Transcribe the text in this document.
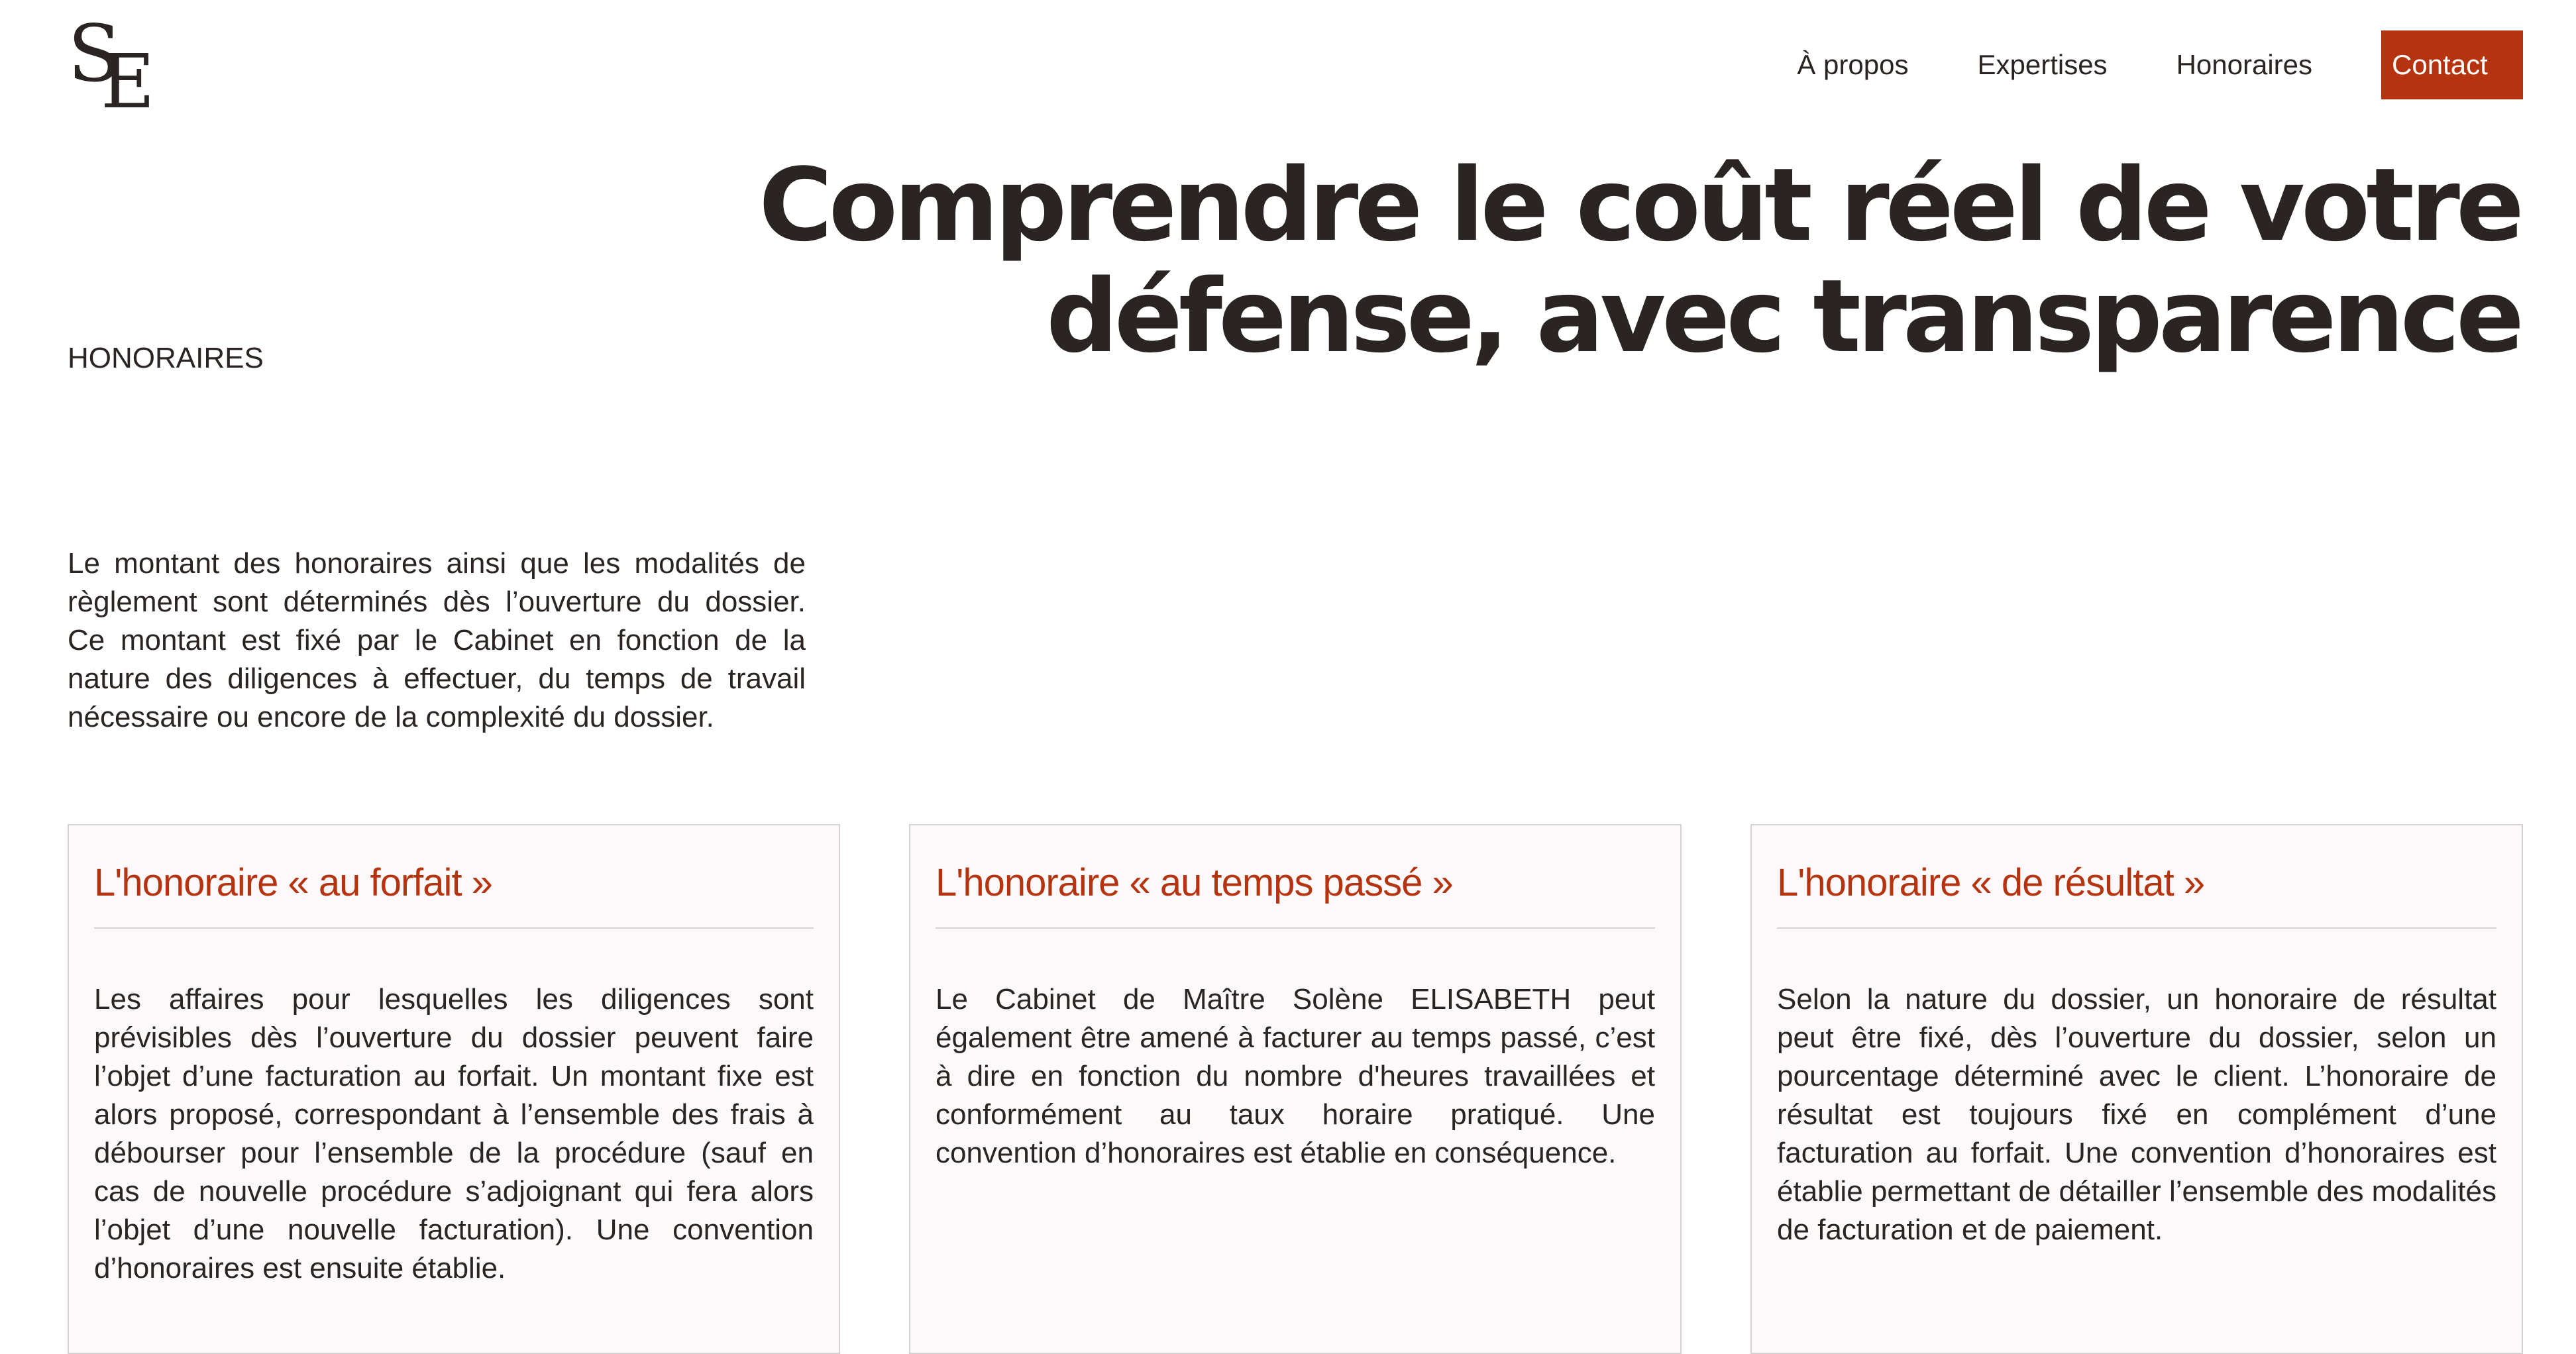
S
E	À propos Expertises Honoraires	Contact
Comprendre le coût réel de votre défense, avec transparence
HONORAIRES

Le montant des honoraires ainsi que les modalités de règlement sont déterminés dès l’ouverture du dossier. Ce montant est fixé par le Cabinet en fonction de la nature des diligences à effectuer, du temps de travail nécessaire ou encore de la complexité du dossier.

L'honoraire « au forfait »

Les affaires pour lesquelles les diligences sont prévisibles dès l’ouverture du dossier peuvent faire l’objet d’une facturation au forfait. Un montant fixe est alors proposé, correspondant à l’ensemble des frais à débourser pour l’ensemble de la procédure (sauf en cas de nouvelle procédure s’adjoignant qui fera alors l’objet d’une nouvelle facturation). Une convention d’honoraires est ensuite établie.

L'honoraire « au temps passé »

Le Cabinet de Maître Solène ELISABETH peut également être amené à facturer au temps passé, c’est à dire en fonction du nombre d'heures travaillées et conformément au taux horaire pratiqué. Une convention d’honoraires est établie en conséquence.

L'honoraire « de résultat »

Selon la nature du dossier, un honoraire de résultat peut être fixé, dès l’ouverture du dossier, selon un pourcentage déterminé avec le client. L’honoraire de résultat est toujours fixé en complément d’une facturation au forfait. Une convention d’honoraires est établie permettant de détailler l’ensemble des modalités de facturation et de paiement.
